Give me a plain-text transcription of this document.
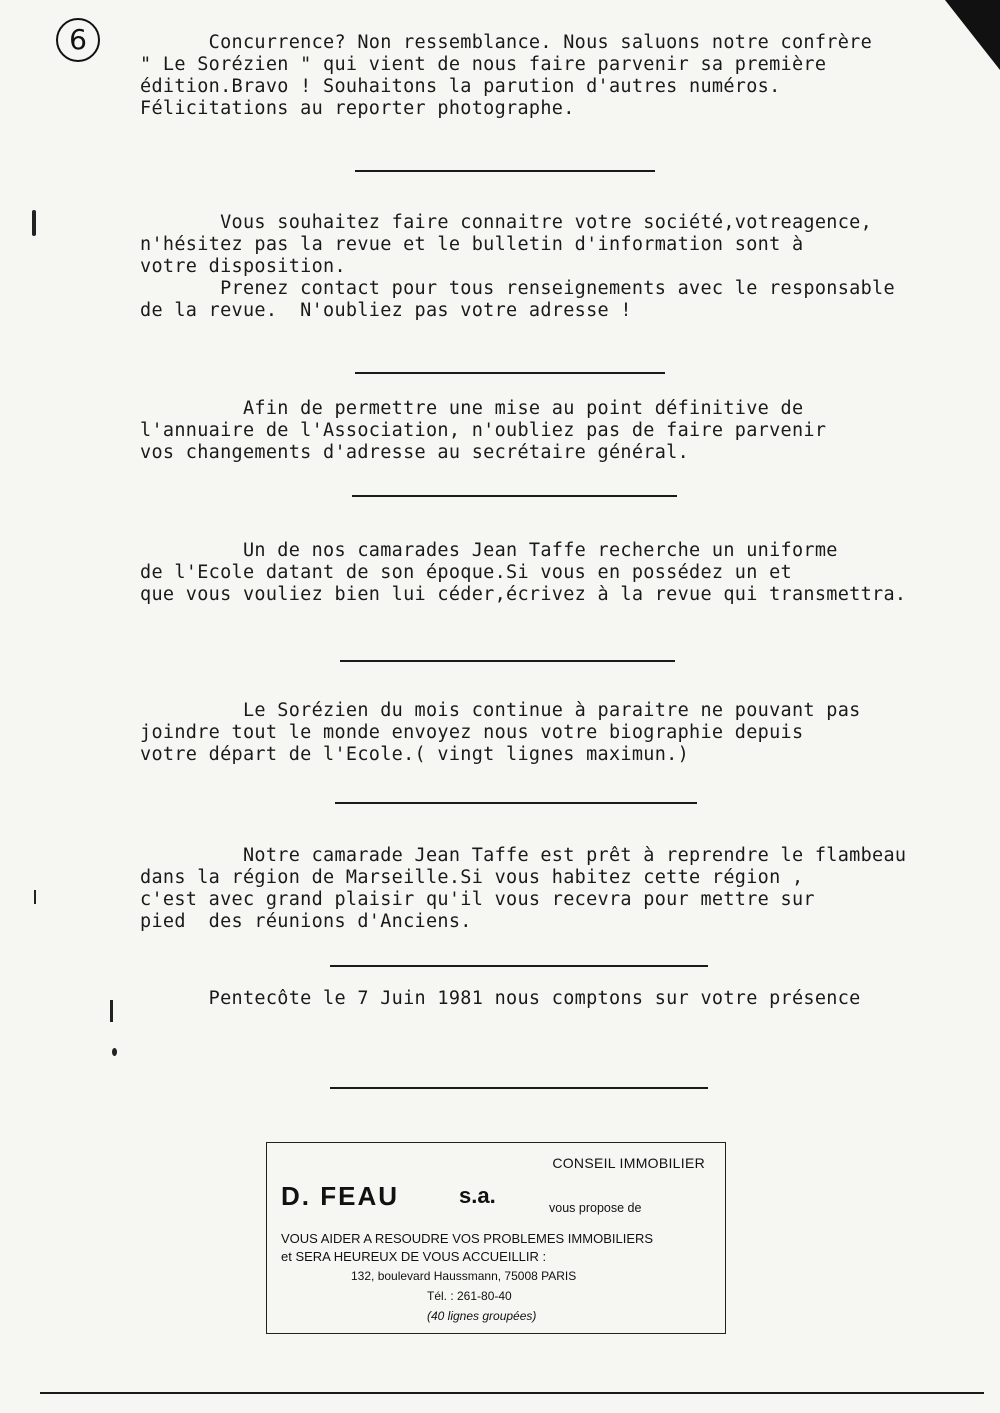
6	Concurrence? Non ressemblance. Nous saluons notre confrère
" Le Sorézien " qui vient de nous faire parvenir sa première
édition.Bravo ! Souhaitons la parution d'autres numéros.
Félicitations au reporter photographe.
Vous souhaitez faire connaitre votre société,votreagence,
n'hésitez pas la revue et le bulletin d'information sont à
votre disposition.
Prenez contact pour tous renseignements avec le responsable
de la revue.  N'oubliez pas votre adresse !
Afin de permettre une mise au point définitive de
l'annuaire de l'Association, n'oubliez pas de faire parvenir
vos changements d'adresse au secrétaire général.
Un de nos camarades Jean Taffe recherche un uniforme
de l'Ecole datant de son époque.Si vous en possédez un et
que vous vouliez bien lui céder,écrivez à la revue qui transmettra.
Le Sorézien du mois continue à paraitre ne pouvant pas
joindre tout le monde envoyez nous votre biographie depuis
votre départ de l'Ecole.( vingt lignes maximun.)
Notre camarade Jean Taffe est prêt à reprendre le flambeau
dans la région de Marseille.Si vous habitez cette région ,
c'est avec grand plaisir qu'il vous recevra pour mettre sur
pied  des réunions d'Anciens.
Pentecôte le 7 Juin 1981 nous comptons sur votre présence
CONSEIL IMMOBILIER
D. FEAU	s.a.	vous propose de
VOUS AIDER A RESOUDRE VOS PROBLEMES IMMOBILIERS
et SERA HEUREUX DE VOUS ACCUEILLIR :
132, boulevard Haussmann, 75008 PARIS
Tél. : 261-80-40
(40 lignes groupées)
